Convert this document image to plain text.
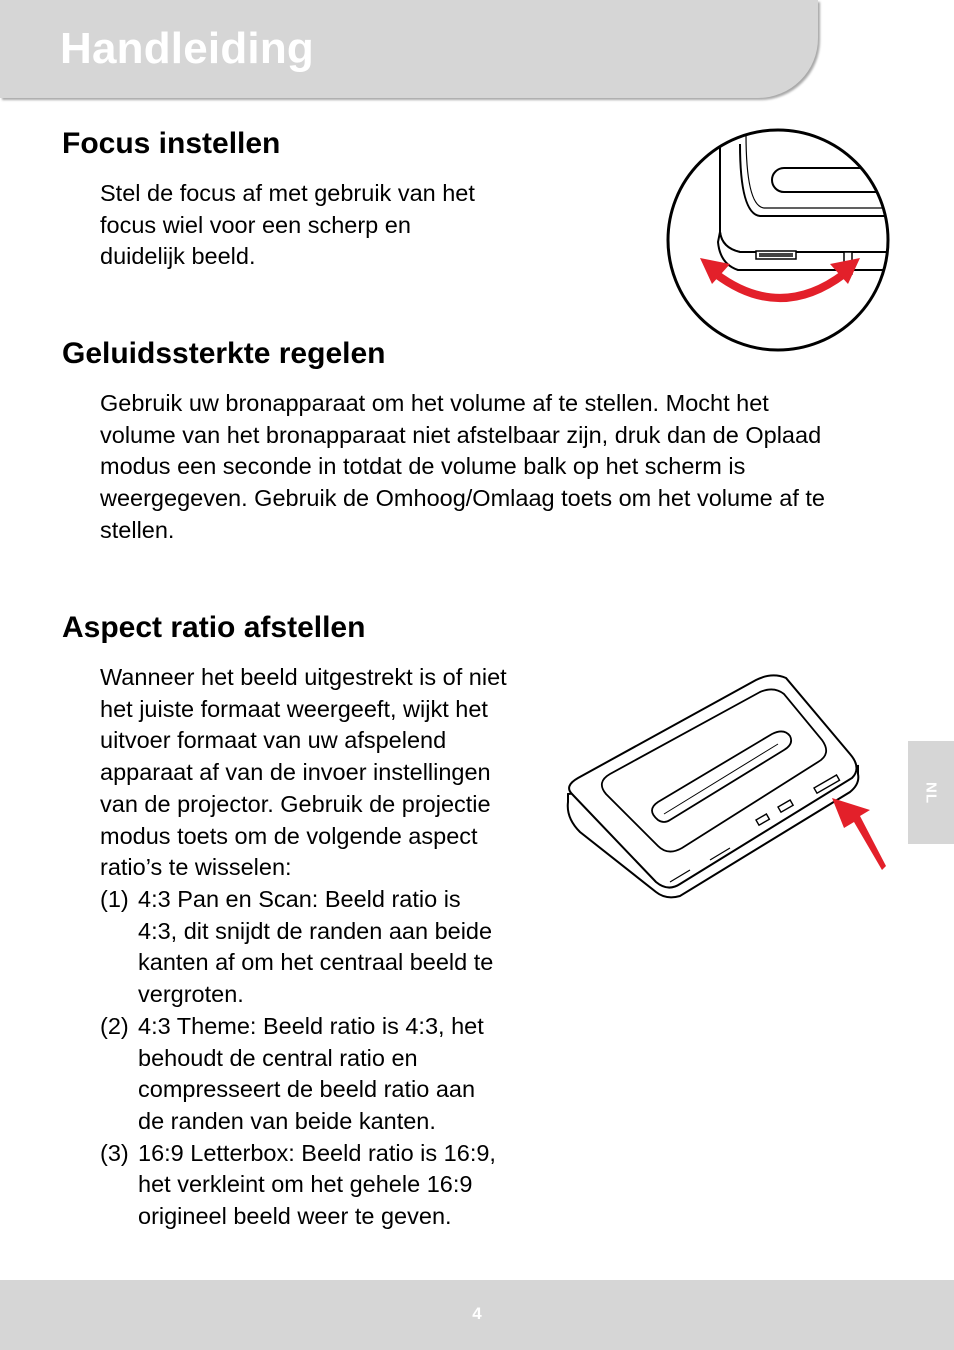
Handleiding
Focus instellen

Stel de focus af met gebruik van het
focus wiel voor een scherp en
duidelijk beeld.

Geluidssterkte regelen

Gebruik uw bronapparaat om het volume af te stellen. Mocht het
volume van het bronapparaat niet afstelbaar zijn, druk dan de Oplaad
modus een seconde in totdat de volume balk op het scherm is
weergegeven. Gebruik de Omhoog/Omlaag toets om het volume af te
stellen.

Aspect ratio afstellen

Wanneer het beeld uitgestrekt is of niet
het juiste formaat weergeeft, wijkt het
uitvoer formaat van uw afspelend
apparaat af van de invoer instellingen
van de projector. Gebruik de projectie
modus toets om de volgende aspect
ratio’s te wisselen:

(1) 4:3 Pan en Scan: Beeld ratio is
4:3, dit snijdt de randen aan beide
kanten af om het centraal beeld te
vergroten.
(2) 4:3 Theme: Beeld ratio is 4:3, het
behoudt de central ratio en
compresseert de beeld ratio aan
de randen van beide kanten.
(3) 16:9 Letterbox: Beeld ratio is 16:9,
het verkleint om het gehele 16:9
origineel beeld weer te geven.
NL
4
